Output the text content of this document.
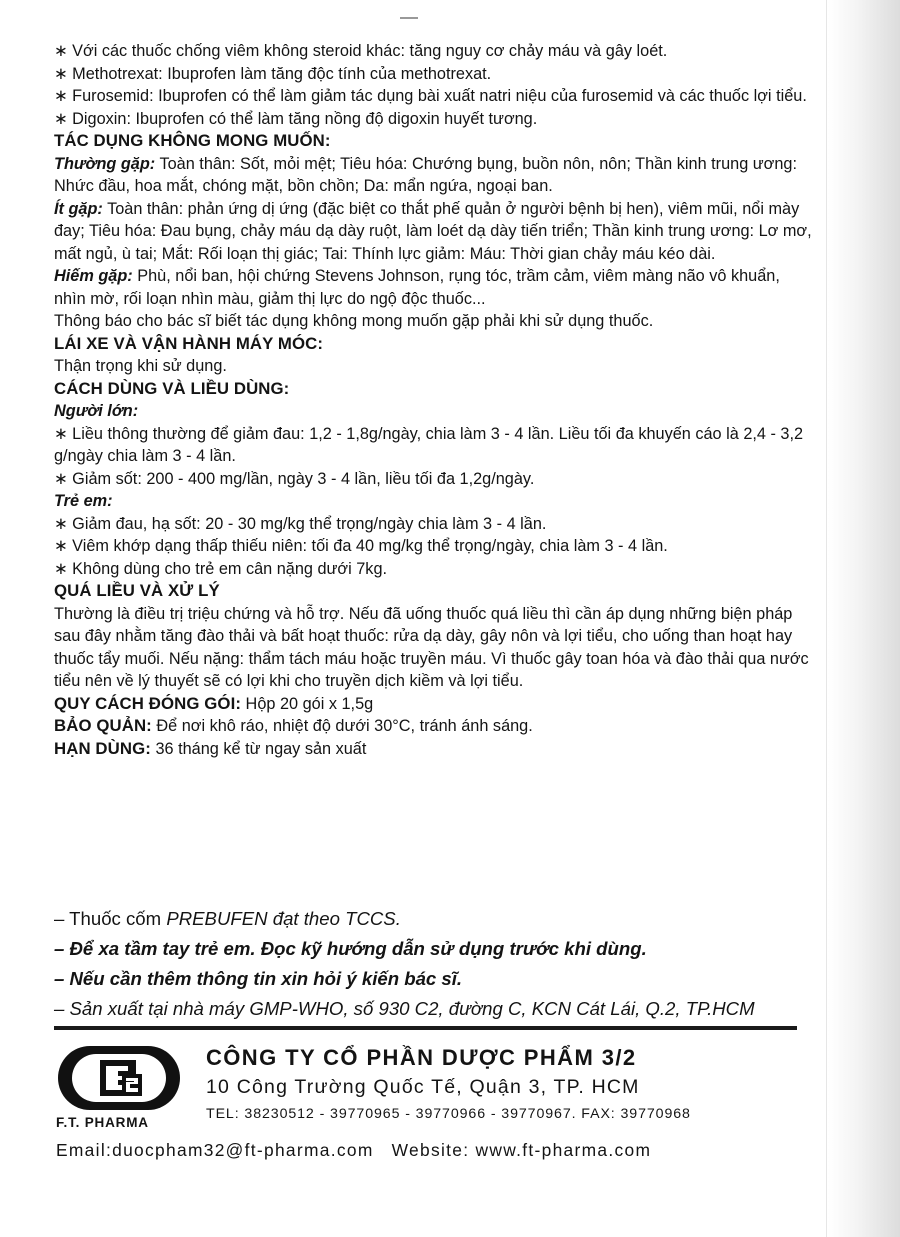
∗ Với các thuốc chống viêm không steroid khác: tăng nguy cơ chảy máu và gây loét.

∗ Methotrexat: Ibuprofen làm tăng độc tính của methotrexat.

∗ Furosemid: Ibuprofen có thể làm giảm tác dụng bài xuất natri niệu của furosemid và các thuốc lợi tiểu.

∗ Digoxin: Ibuprofen có thể làm tăng nồng độ digoxin huyết tương.

TÁC DỤNG KHÔNG MONG MUỐN:

Thường gặp: Toàn thân: Sốt, mỏi mệt; Tiêu hóa: Chướng bụng, buồn nôn, nôn; Thần kinh trung ương: Nhức đầu, hoa mắt, chóng mặt, bồn chồn; Da: mẩn ngứa, ngoại ban.

Ít gặp: Toàn thân: phản ứng dị ứng (đặc biệt co thắt phế quản ở người bệnh bị hen), viêm mũi, nổi mày đay; Tiêu hóa: Đau bụng, chảy máu dạ dày ruột, làm loét dạ dày tiến triển; Thần kinh trung ương: Lơ mơ, mất ngủ, ù tai; Mắt: Rối loạn thị giác; Tai: Thính lực giảm: Máu: Thời gian chảy máu kéo dài.

Hiếm gặp: Phù, nổi ban, hội chứng Stevens Johnson, rụng tóc, trầm cảm, viêm màng não vô khuẩn, nhìn mờ, rối loạn nhìn màu, giảm thị lực do ngộ độc thuốc...

Thông báo cho bác sĩ biết tác dụng không mong muốn gặp phải khi sử dụng thuốc.

LÁI XE VÀ VẬN HÀNH MÁY MÓC:

Thận trọng khi sử dụng.

CÁCH DÙNG VÀ LIỀU DÙNG:

Người lớn:

∗ Liều thông thường để giảm đau: 1,2 - 1,8g/ngày, chia làm 3 - 4 lần. Liều tối đa khuyến cáo là 2,4 - 3,2 g/ngày chia làm 3 - 4 lần.

∗ Giảm sốt: 200 - 400 mg/lần, ngày 3 - 4 lần, liều tối đa 1,2g/ngày.

Trẻ em:

∗ Giảm đau, hạ sốt: 20 - 30 mg/kg thể trọng/ngày chia làm 3 - 4 lần.

∗ Viêm khớp dạng thấp thiếu niên: tối đa 40 mg/kg thể trọng/ngày, chia làm 3 - 4 lần.

∗ Không dùng cho trẻ em cân nặng dưới 7kg.

QUÁ LIỀU VÀ XỬ LÝ

Thường là điều trị triệu chứng và hỗ trợ. Nếu đã uống thuốc quá liều thì cần áp dụng những biện pháp sau đây nhằm tăng đào thải và bất hoạt thuốc: rửa dạ dày, gây nôn và lợi tiểu, cho uống than hoạt hay thuốc tẩy muối. Nếu nặng: thẩm tách máu hoặc truyền máu. Vì thuốc gây toan hóa và đào thải qua nước tiểu nên về lý thuyết sẽ có lợi khi cho truyền dịch kiềm và lợi tiểu.

QUY CÁCH ĐÓNG GÓI: Hộp 20 gói x 1,5g

BẢO QUẢN: Để nơi khô ráo, nhiệt độ dưới 30°C, tránh ánh sáng.

HẠN DÙNG: 36 tháng kể từ ngay sản xuất

– Thuốc cốm PREBUFEN đạt theo TCCS.

– Để xa tầm tay trẻ em. Đọc kỹ hướng dẫn sử dụng trước khi dùng.

– Nếu cần thêm thông tin xin hỏi ý kiến bác sĩ.

– Sản xuất tại nhà máy GMP-WHO, số 930 C2, đường C, KCN Cát Lái, Q.2, TP.HCM

F.T. PHARMA
CÔNG TY CỔ PHẦN DƯỢC PHẨM 3/2
10 Công Trường Quốc Tế, Quận 3, TP. HCM
TEL: 38230512 - 39770965 - 39770966 - 39770967. FAX: 39770968
Email:duocpham32@ft-pharma.com Website: www.ft-pharma.com
